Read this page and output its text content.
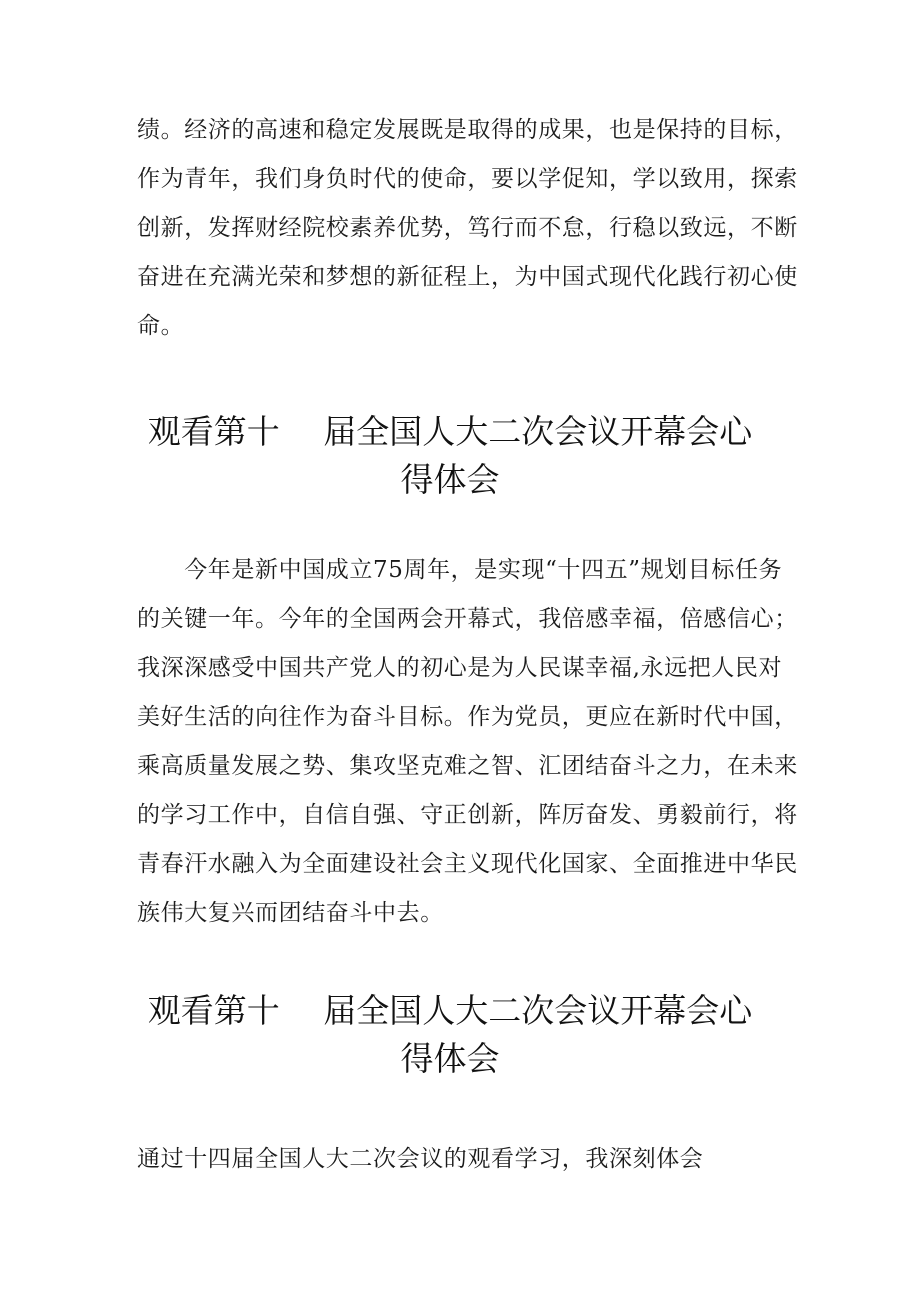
绩。经济的高速和稳定发展既是取得的成果，也是保持的目标，
作为青年，我们身负时代的使命，要以学促知，学以致用，探索
创新，发挥财经院校素养优势，笃行而不怠，行稳以致远，不断
奋进在充满光荣和梦想的新征程上，为中国式现代化践行初心使
命。
观看第十　 届全国人大二次会议开幕会心
得体会
　　今年是新中国成立75周年，是实现“十四五”规划目标任务
的关键一年。今年的全国两会开幕式，我倍感幸福，倍感信心；
我深深感受中国共产党人的初心是为人民谋幸福,永远把人民对
美好生活的向往作为奋斗目标。作为党员，更应在新时代中国，
乘高质量发展之势、集攻坚克难之智、汇团结奋斗之力，在未来
的学习工作中，自信自强、守正创新，阵厉奋发、勇毅前行，将
青春汗水融入为全面建设社会主义现代化国家、全面推进中华民
族伟大复兴而团结奋斗中去。
观看第十　 届全国人大二次会议开幕会心
得体会
通过十四届全国人大二次会议的观看学习，我深刻体会
